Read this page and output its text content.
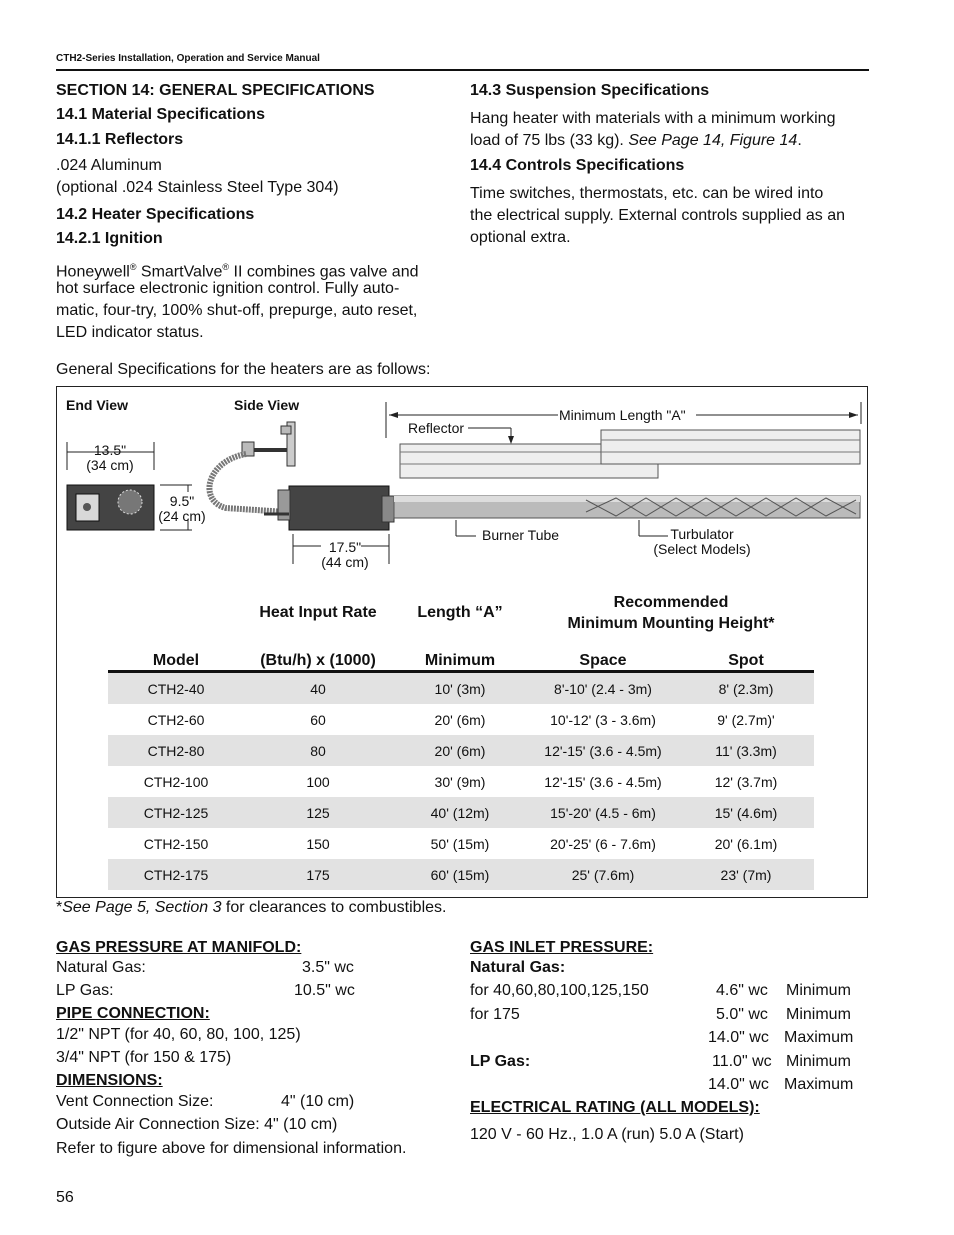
CTH2-Series Installation, Operation and Service Manual
SECTION 14: GENERAL SPECIFICATIONS
14.1 Material Specifications
14.1.1 Reflectors
.024 Aluminum
(optional .024 Stainless Steel Type 304)
14.2 Heater Specifications
14.2.1 Ignition
Honeywell® SmartValve® II combines gas valve and
hot surface electronic ignition control. Fully auto-
matic, four-try, 100% shut-off, prepurge, auto reset,
LED indicator status.
14.3 Suspension Specifications
Hang heater with materials with a minimum working
load of 75 lbs (33 kg). See Page 14, Figure 14.
14.4 Controls Specifications
Time switches, thermostats, etc. can be wired into
the electrical supply. External controls supplied as an
optional extra.
General Specifications for the heaters are as follows:
End View	Side View
13.5"
(34 cm)
9.5"
(24 cm)
17.5"
(44 cm)
Reflector
Minimum Length "A"
Burner Tube	Turbulator
(Select Models)
	Heat Input Rate	Length “A”	Recommended
Minimum Mounting Height*	
Model	(Btu/h) x (1000)	Minimum	Space	Spot
CTH2-40	40	10' (3m)	8'-10' (2.4 - 3m)	8' (2.3m)
CTH2-60	60	20' (6m)	10'-12' (3 - 3.6m)	9' (2.7m)'
CTH2-80	80	20' (6m)	12'-15' (3.6 - 4.5m)	11' (3.3m)
CTH2-100	100	30' (9m)	12'-15' (3.6 - 4.5m)	12' (3.7m)
CTH2-125	125	40' (12m)	15'-20' (4.5 - 6m)	15' (4.6m)
CTH2-150	150	50' (15m)	20'-25' (6 - 7.6m)	20' (6.1m)
CTH2-175	175	60' (15m)	25' (7.6m)	23' (7m)
*See Page 5, Section 3 for clearances to combustibles.
GAS PRESSURE AT MANIFOLD:
Natural Gas:	3.5" wc
LP Gas:	10.5" wc
PIPE CONNECTION:
1/2" NPT (for 40, 60, 80, 100, 125)
3/4" NPT (for 150 & 175)
DIMENSIONS:
Vent Connection Size:	4" (10 cm)
Outside Air Connection Size: 4" (10 cm)
Refer to figure above for dimensional information.
GAS INLET PRESSURE:
Natural Gas:
for 40,60,80,100,125,150	4.6" wc Minimum
for 175	5.0" wc Minimum
14.0" wc Maximum
LP Gas:	11.0" wc Minimum
14.0" wc Maximum
ELECTRICAL RATING (ALL MODELS):
120 V - 60 Hz., 1.0 A (run) 5.0 A (Start)
56
